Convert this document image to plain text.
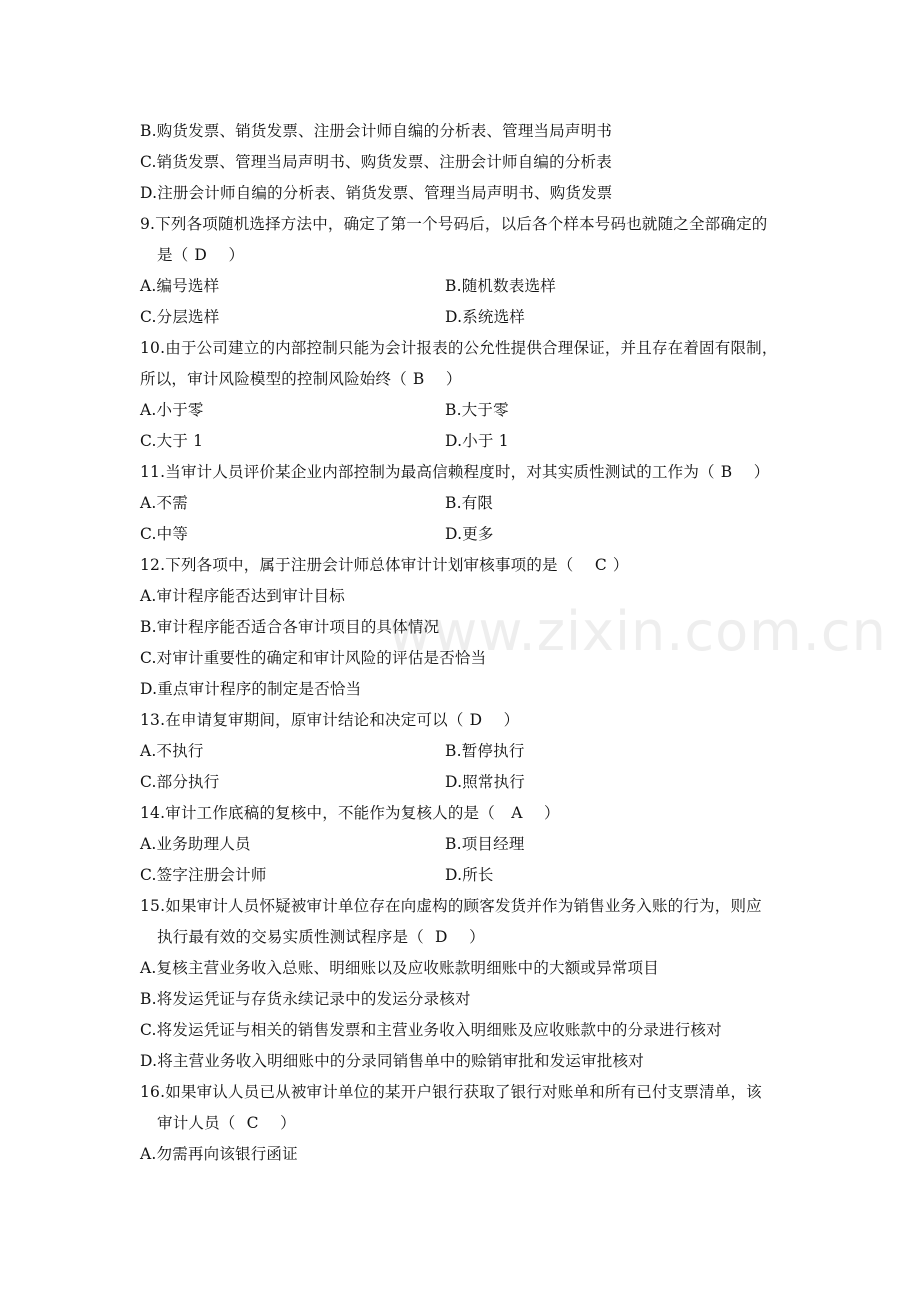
www.zixin.com.cn
B.购货发票、销货发票、注册会计师自编的分析表、管理当局声明书
C.销货发票、管理当局声明书、购货发票、注册会计师自编的分析表
D.注册会计师自编的分析表、销货发票、管理当局声明书、购货发票
9.下列各项随机选择方法中，确定了第一个号码后，以后各个样本号码也就随之全部确定的
是（ D ）
A.编号选样	B.随机数表选样
C.分层选样	D.系统选样
10.由于公司建立的内部控制只能为会计报表的公允性提供合理保证，并且存在着固有限制，
所以，审计风险模型的控制风险始终（ B ）
A.小于零	B.大于零
C.大于 1	D.小于 1
11.当审计人员评价某企业内部控制为最高信赖程度时，对其实质性测试的工作为（ B ）
A.不需	B.有限
C.中等	D.更多
12.下列各项中，属于注册会计师总体审计计划审核事项的是（ C ）
A.审计程序能否达到审计目标
B.审计程序能否适合各审计项目的具体情况
C.对审计重要性的确定和审计风险的评估是否恰当
D.重点审计程序的制定是否恰当
13.在申请复审期间，原审计结论和决定可以（ D ）
A.不执行	B.暂停执行
C.部分执行	D.照常执行
14.审计工作底稿的复核中，不能作为复核人的是（ A ）
A.业务助理人员	B.项目经理
C.签字注册会计师	D.所长
15.如果审计人员怀疑被审计单位存在向虚构的顾客发货并作为销售业务入账的行为，则应
执行最有效的交易实质性测试程序是（ D ）
A.复核主营业务收入总账、明细账以及应收账款明细账中的大额或异常项目
B.将发运凭证与存货永续记录中的发运分录核对
C.将发运凭证与相关的销售发票和主营业务收入明细账及应收账款中的分录进行核对
D.将主营业务收入明细账中的分录同销售单中的赊销审批和发运审批核对
16.如果审认人员已从被审计单位的某开户银行获取了银行对账单和所有已付支票清单，该
审计人员（ C ）
A.勿需再向该银行函证
